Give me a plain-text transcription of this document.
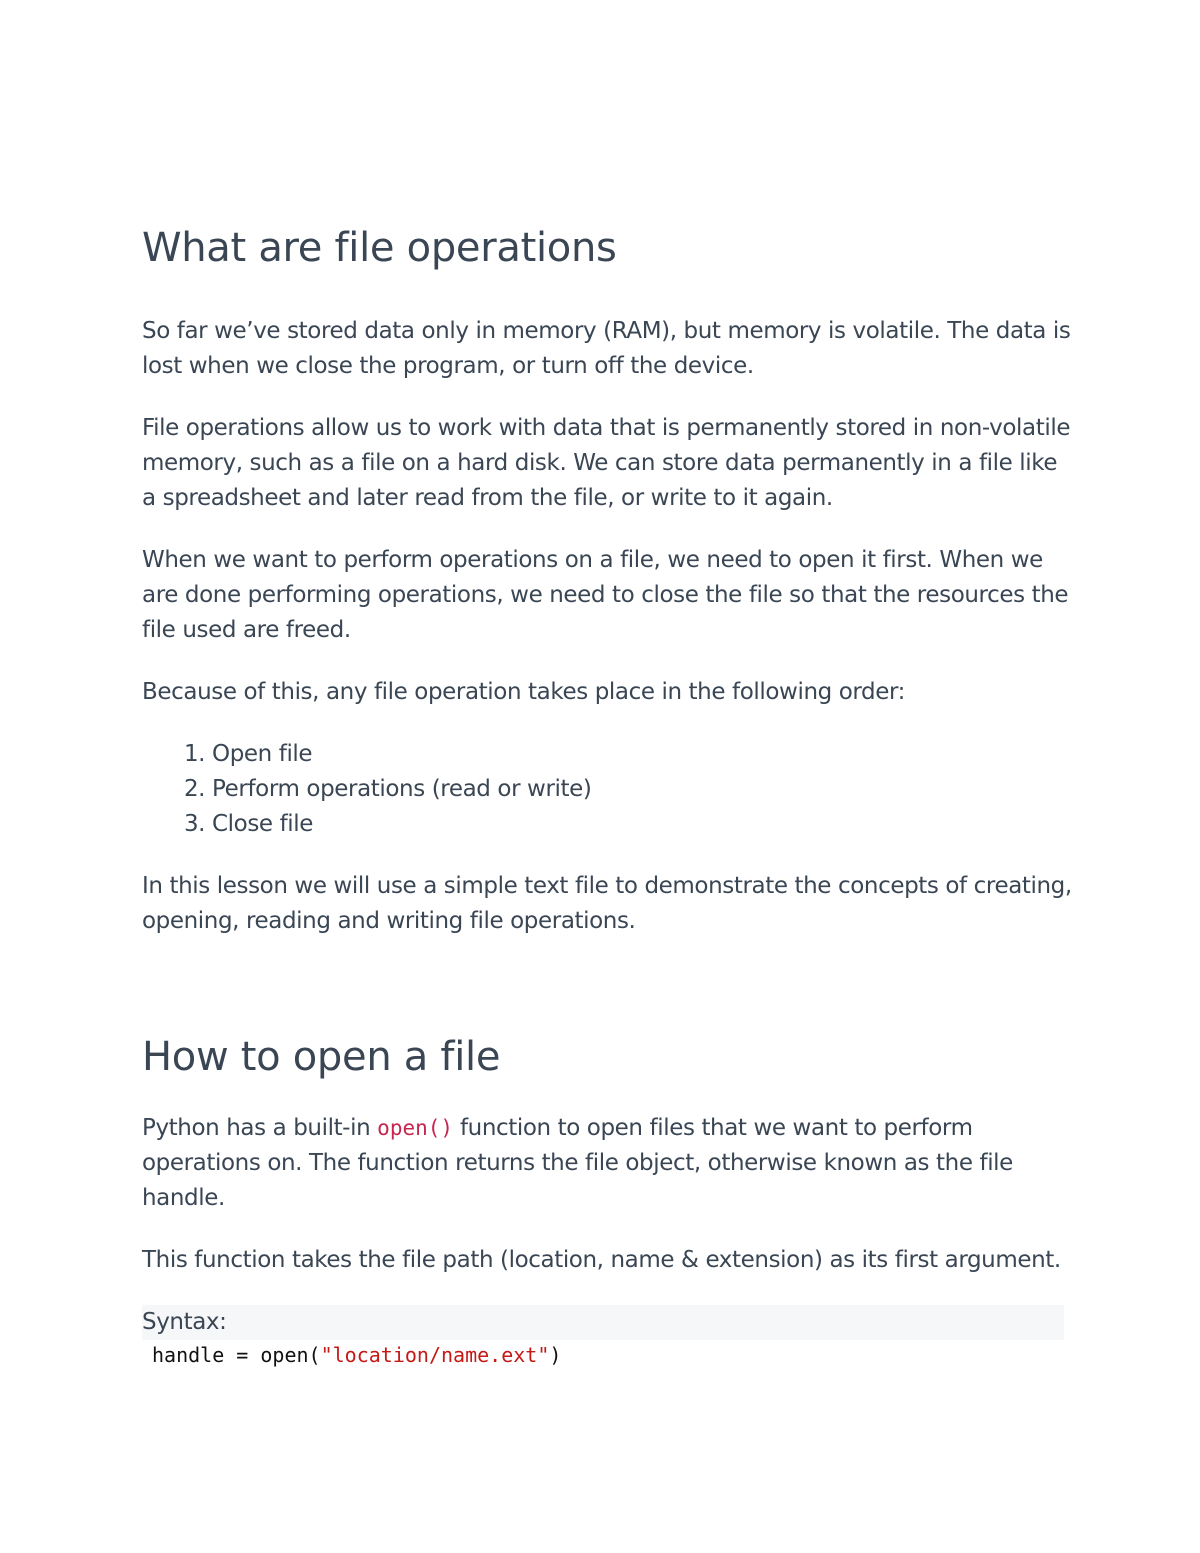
What are file operations

So far we’ve stored data only in memory (RAM), but memory is volatile. The data is lost when we close the program, or turn off the device.

File operations allow us to work with data that is permanently stored in non-volatile memory, such as a file on a hard disk. We can store data permanently in a file like a spreadsheet and later read from the file, or write to it again.

When we want to perform operations on a file, we need to open it first. When we are done performing operations, we need to close the file so that the resources the file used are freed.

Because of this, any file operation takes place in the following order:

1. Open file
2. Perform operations (read or write)
3. Close file

In this lesson we will use a simple text file to demonstrate the concepts of creating, opening, reading and writing file operations.

How to open a file

Python has a built-in open() function to open files that we want to perform operations on. The function returns the file object, otherwise known as the file handle.

This function takes the file path (location, name & extension) as its first argument.

Syntax:
handle = open("location/name.ext")
